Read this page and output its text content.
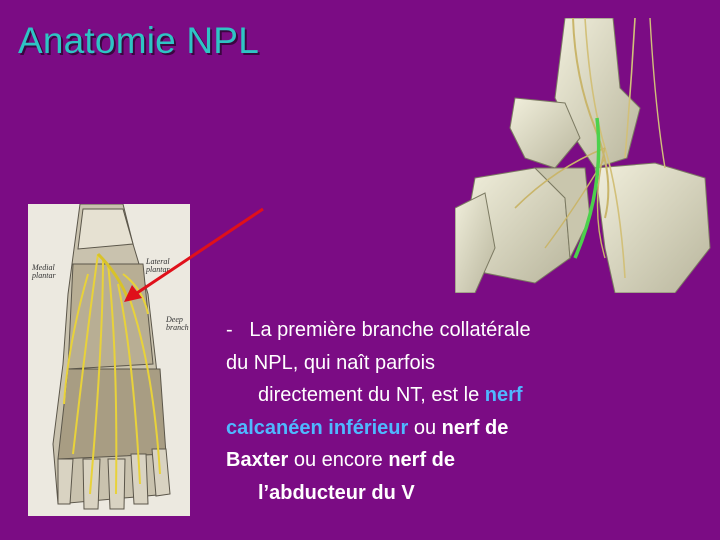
Anatomie NPL
Medial
plantar
Lateral
plantar
Deep
branch - La première branche collatérale
du NPL, qui naît parfois
directement du NT, est le nerf
calcanéen inférieur ou nerf de
Baxter ou encore nerf de
l’abducteur du V
